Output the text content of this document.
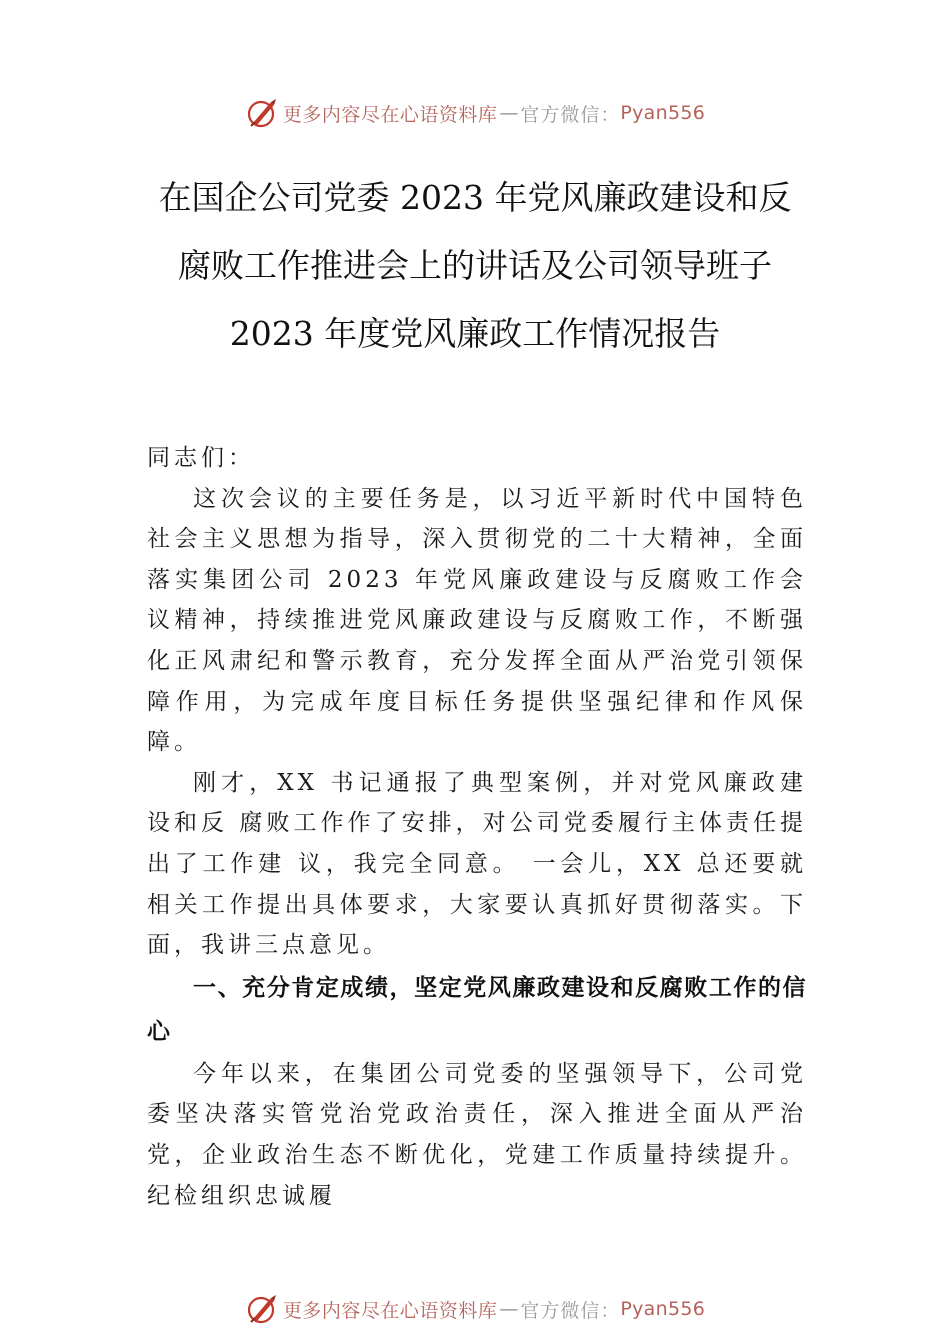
更多内容尽在心语资料库 — 官方微信： Pyan556
在国企公司党委 2023 年党风廉政建设和反
腐败工作推进会上的讲话及公司领导班子
2023 年度党风廉政工作情况报告

同志们：

这次会议的主要任务是，以习近平新时代中国特色社会主义思想为指导，深入贯彻党的二十大精神，全面落实集团公司 2023 年党风廉政建设与反腐败工作会议精神，持续推进党风廉政建设与反腐败工作，不断强化正风肃纪和警示教育，充分发挥全面从严治党引领保障作用，为完成年度目标任务提供坚强纪律和作风保障。

刚才，XX 书记通报了典型案例，并对党风廉政建设和反 腐败工作作了安排，对公司党委履行主体责任提出了工作建 议，我完全同意。 一会儿，XX 总还要就相关工作提出具体要求，大家要认真抓好贯彻落实。下面，我讲三点意见。

一、充分肯定成绩，坚定党风廉政建设和反腐败工作的信心

今年以来，在集团公司党委的坚强领导下，公司党委坚决落实管党治党政治责任，深入推进全面从严治党，企业政治生态不断优化，党建工作质量持续提升。纪检组织忠诚履

更多内容尽在心语资料库 — 官方微信： Pyan556
